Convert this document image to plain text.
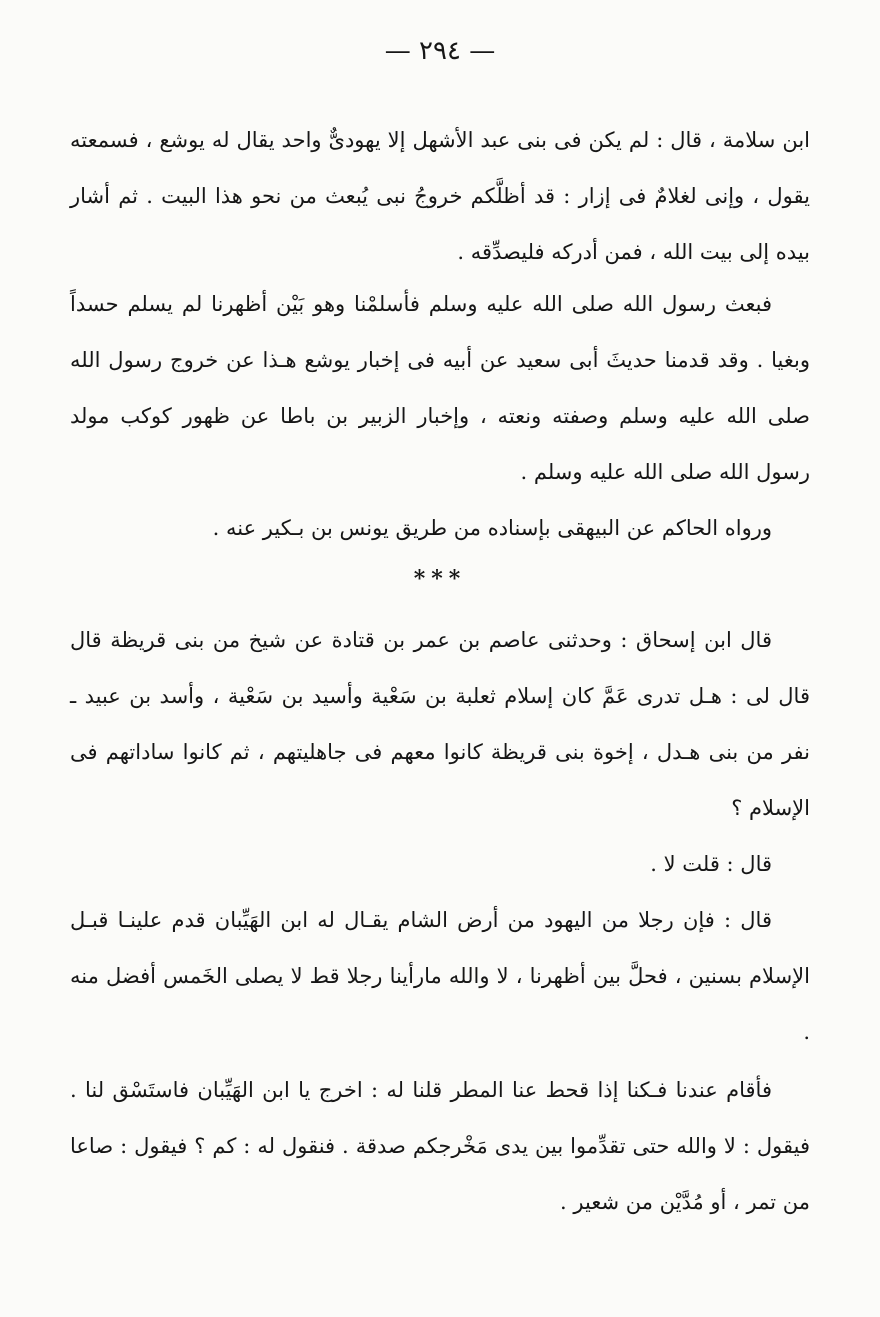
— ٢٩٤ —

ابن سلامة ، قال : لم يكن فى بنى عبد الأشهل إلا يهودىٌّ واحد يقال له يوشع ، فسمعته يقول ، وإنى لغلامٌ فى إزار : قد أظلَّكم خروجُ نبى يُبعث من نحو هذا البيت . ثم أشار بيده إلى بيت الله ، فمن أدركه فليصدِّقه .

فبعث رسول الله صلى الله عليه وسلم فأسلمْنا وهو بَيْن أظهرنا لم يسلم حسداً وبغيا . وقد قدمنا حديثَ أبى سعيد عن أبيه فى إخبار يوشع هـذا عن خروج رسول الله صلى الله عليه وسلم وصفته ونعته ، وإخبار الزبير بن باطا عن ظهور كوكب مولد رسول الله صلى الله عليه وسلم .

ورواه الحاكم عن البيهقى بإسناده من طريق يونس بن بـكير عنه .

***

قال ابن إسحاق : وحدثنى عاصم بن عمر بن قتادة عن شيخ من بنى قريظة قال قال لى : هـل تدرى عَمَّ كان إسلام ثعلبة بن سَعْية وأسيد بن سَعْية ، وأسد بن عبيد ـ نفر من بنى هـدل ، إخوة بنى قريظة كانوا معهم فى جاهليتهم ، ثم كانوا ساداتهم فى الإسلام ؟

قال : قلت لا .

قال : فإن رجلا من اليهود من أرض الشام يقـال له ابن الهَيِّبان قدم علينـا قبـل الإسلام بسنين ، فحلَّ بين أظهرنا ، لا والله مارأينا رجلا قط لا يصلى الخَمس أفضل منه .

فأقام عندنا فـكنا إذا قحط عنا المطر قلنا له : اخرج يا ابن الهَيِّبان فاستَسْق لنا . فيقول : لا والله حتى تقدِّموا بين يدى مَخْرجكم صدقة . فنقول له : كم ؟ فيقول : صاعا من تمر ، أو مُدَّيْن من شعير .
